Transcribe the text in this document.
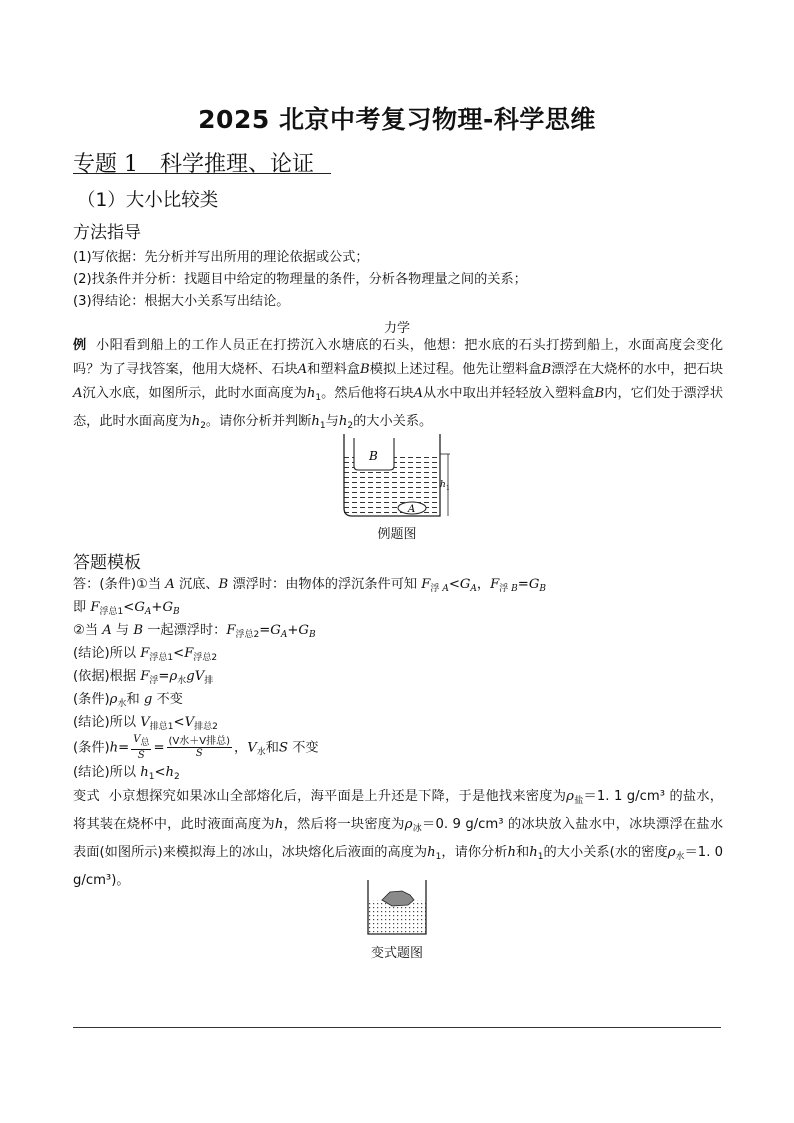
2025 北京中考复习物理-科学思维
专题 1　科学推理、论证
（1）大小比较类
方法指导
(1)写依据：先分析并写出所用的理论依据或公式；
(2)找条件并分析：找题目中给定的物理量的条件，分析各物理量之间的关系；
(3)得结论：根据大小关系写出结论。
力学
例 小阳看到船上的工作人员正在打捞沉入水塘底的石头，他想：把水底的石头打捞到船上，水面高度会变化吗？为了寻找答案，他用大烧杯、石块A和塑料盒B模拟上述过程。他先让塑料盒B漂浮在大烧杯的水中，把石块A沉入水底，如图所示，此时水面高度为$h_1$。然后他将石块A从水中取出并轻轻放入塑料盒B内，它们处于漂浮状态，此时水面高度为$h_2$。请你分析并判断$h_1$与$h_2$的大小关系。
B
A
h 1
例题图
答题模板
答：(条件)①当 A 沉底、B 漂浮时：由物体的浮沉条件可知 $F_{浮 A}<G_A$，$F_{浮 B}=G_B$
即 $F_{浮总1}<G_A+G_B$
②当 A 与 B 一起漂浮时：$F_{浮总2}=G_A+G_B$
(结论)所以 $F_{浮总1}<F_{浮总2}$
(依据)根据 $F_浮=\rho_水gV_排$
(条件)$\rho_水$和 g 不变
(结论)所以 $V_{排总1}<V_{排总2}$
(条件)$h= \frac{V_总}{S} = \frac{\text{(V水＋V排总)}}{S}$ ，$V_水$和S 不变
(结论)所以 $h_1<h_2$
变式 小京想探究如果冰山全部熔化后，海平面是上升还是下降，于是他找来密度为$\rho_盐=1$. 1 g/cm³ 的盐水，将其装在烧杯中，此时液面高度为h，然后将一块密度为$\rho_冰=0$. 9 g/cm³ 的冰块放入盐水中，冰块漂浮在盐水表面(如图所示)来模拟海上的冰山，冰块熔化后液面的高度为$h_1$，请你分析h和$h_1$的大小关系(水的密度$\rho_水=1$. 0 g/cm³)。
变式题图
